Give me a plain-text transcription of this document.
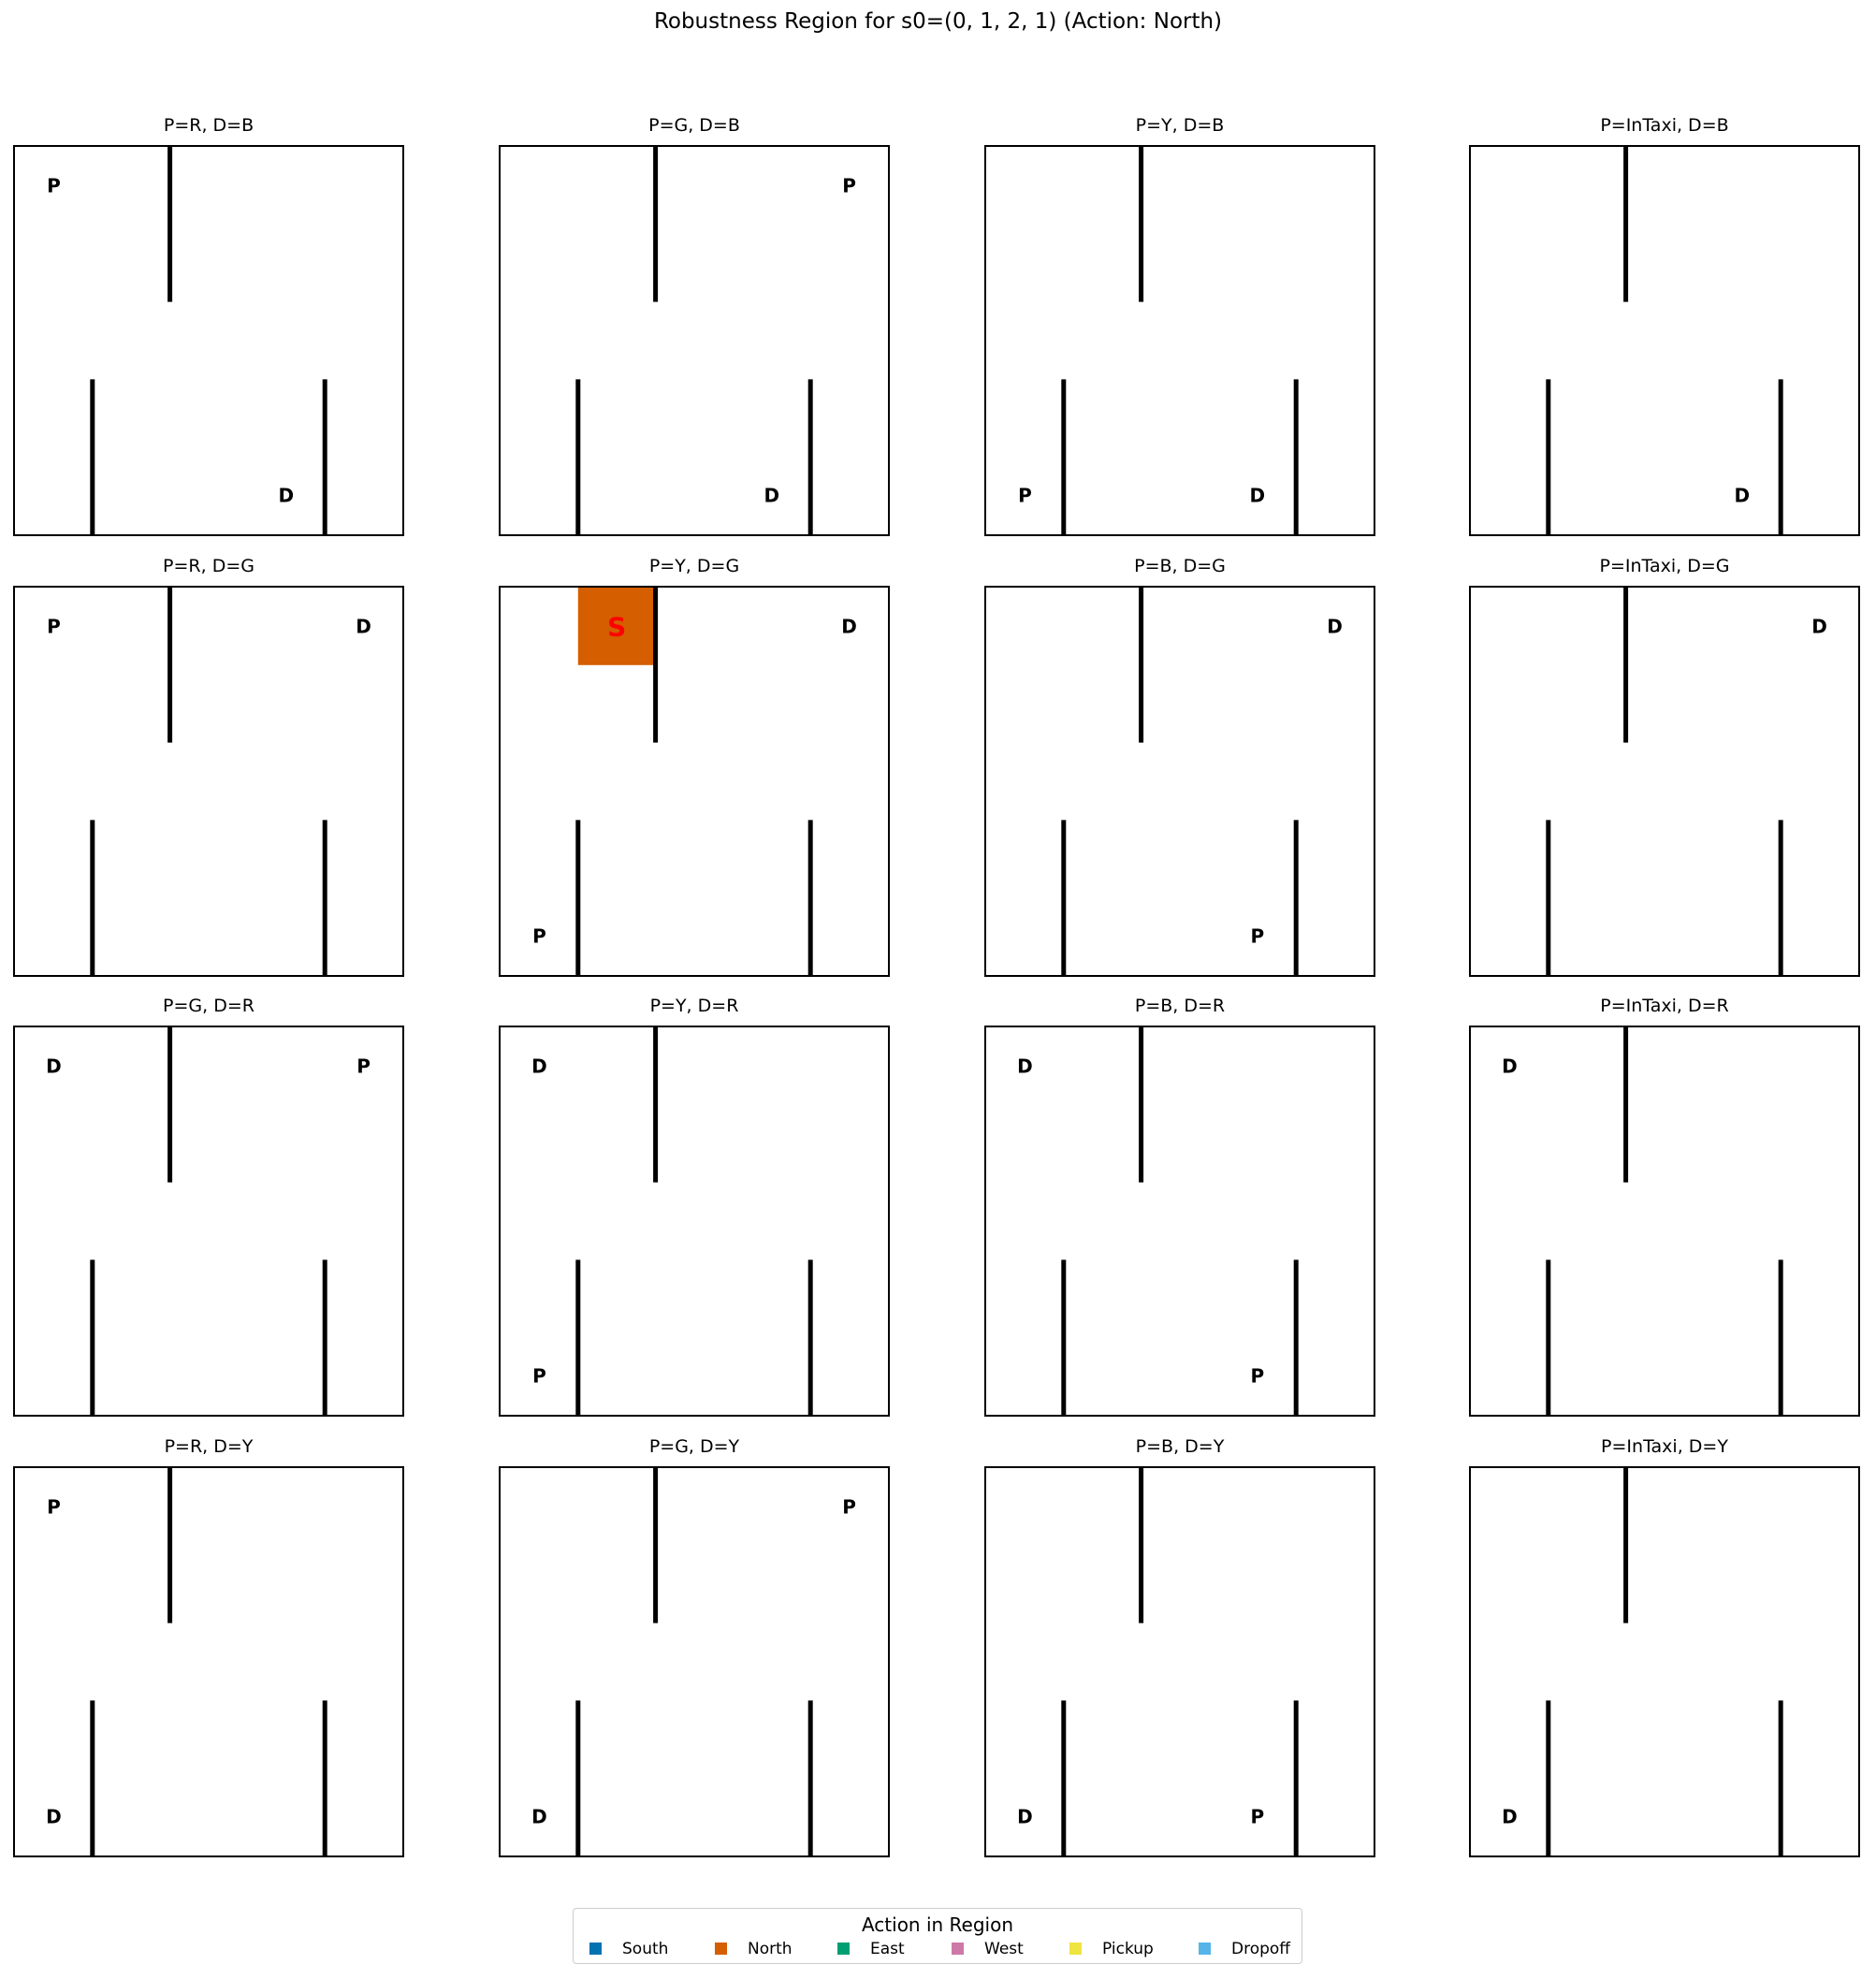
Robustness Region for s0=(0, 1, 2, 1) (Action: North)
P=R, D=B
P
D
P=G, D=B
P
D
P=Y, D=B
P	D
P=InTaxi, D=B
D
P=R, D=G
P	D
P=Y, D=G
S
P
D
P=B, D=G
P
D
P=InTaxi, D=G
D
P=G, D=R
D	P
P=Y, D=R
D
P
P=B, D=R
D
P
P=InTaxi, D=R
D
P=R, D=Y
P
D
P=G, D=Y
P
D
P=B, D=Y
D	P
P=InTaxi, D=Y
D
Action in Region
South	North	East	West	Pickup	Dropoff
